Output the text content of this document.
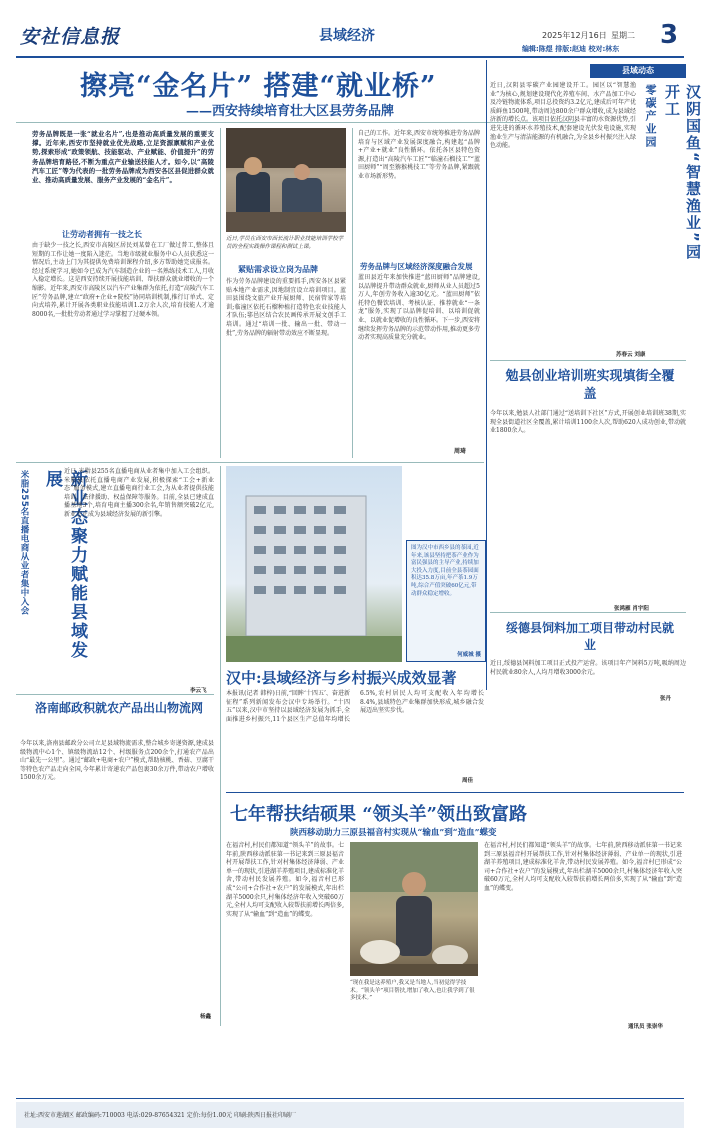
安社信息报	县域经济	2025年12月16日 星期二 3
编辑:陈煜 排版:赵迪 校对:林东
擦亮“金名片” 搭建“就业桥”
——西安持续培育壮大区县劳务品牌
劳务品牌既是一张“就业名片”,也是推动高质量发展的重要支撑。近年来,西安市坚持就业优先战略,立足资源禀赋和产业优势,探索形成“政策领航、技能驱动、产业赋能、价值提升”的劳务品牌培育路径,不断为重点产业输送技能人才。如今,以“高陵汽车工匠”等为代表的一批劳务品牌成为西安各区县促进群众就业、推动高质量发展、服务产业发展的“金名片”。
让劳动者拥有一技之长
由于缺少一技之长,西安市高陵区居民刘某曾在工厂做过普工,整体且短期的工作让她一度陷入迷茫。当地市级就业服务中心人员获悉这一情况后,主动上门为其提供免费培训课程介绍,多方帮助她完成报名。经过系统学习,她如今已成为汽车制造企业的一名熟练技术工人,月收入稳定增长。这是西安持续开展技能培训、帮扶群众就业增收的一个缩影。近年来,西安市高陵区以汽车产业集群为依托,打造“高陵汽车工匠”劳务品牌,建立“政府+企业+院校”协同培训机制,推行订单式、定向式培养,累计开展各类职业技能培训1.2万余人次,培育技能人才逾8000名,一批批劳动者通过学习掌握了过硬本领。
近日,学员在西安市西长流计职业技能培训学校学 员的全程实践操作课程和测试上课。
紧贴需求设立岗为品牌
作为劳务品牌建设的重要抓手,西安各区县紧贴本地产业需求,因地制宜设立培训项目。蓝田县围绕文旅产业开展厨师、民宿管家等培训;临潼区依托石榴种植打造特色农业技能人才队伍;鄠邑区结合农民画传承开展文创手工培训。通过“培训一批、输出一批、带动一批”,劳务品牌的辐射带动效应不断显现。
自己的工作。近年来,西安市统筹推进劳务品牌培育与区域产业发展深度融合,构建起“品牌+产业+就业”良性循环。依托各区县特色资源,打造出“高陵汽车工匠”“临潼石榴技工”“蓝田厨师”“周至猕猴桃技工”等劳务品牌,紧跟就业市场新形势。
劳务品牌与区域经济深度融合发展
蓝田县近年来加快推进“蓝田厨师”品牌建设,以品牌提升带动群众就业,厨师从业人员超过5万人,年创劳务收入逾30亿元。“蓝田厨师”依托特色餐饮培训、考核认证、推荐就业“一条龙”服务,实现了以品牌促培训、以培训促就业、以就业促增收的良性循环。下一步,西安将继续发挥劳务品牌的示范带动作用,推动更多劳动者实现高质量充分就业。
周琦
县域动态
汉阴国鱼“智慧渔业”园开工
零碳产业园
近日,汉阴县零碳产业园建设开工。园区以“智慧渔业”为核心,规划建设现代化养殖车间、水产品加工中心及冷链物流体系,项目总投资约3.2亿元,建成后可年产优质鲜鱼1500吨,带动周边800余户群众增收,成为县域经济新的增长点。该项目依托汉阴县丰富的水资源优势,引进先进的循环水养殖技术,配套建设光伏发电设施,实现渔业生产与清洁能源的有机融合,为全县乡村振兴注入绿色动能。
苏春云 刘康
勉县创业培训班实现填街全覆盖
今年以来,勉县人社部门通过“送培训下社区”方式,开展创业培训班38期,实现全县街道社区全覆盖,累计培训1100余人次,帮助620人成功创业,带动就业1800余人。
张鸿雁 肖宇阳
绥德县饲料加工项目带动村民就业
近日,绥德县饲料加工项目正式投产运营。该项目年产饲料5万吨,吸纳周边村民就业80余人,人均月增收3000余元。
张丹
新业态聚力赋能县域发展
米脂255名直播电商从业者集中入会	近日,米脂县255名直播电商从业者集中加入工会组织。米脂县依托直播电商产业发展,积极探索“工会+新业态”服务模式,建立直播电商行业工会,为从业者提供技能培训、法律援助、权益保障等服务。目前,全县已建成直播基地3个,培育电商主播300余名,年销售额突破2亿元,新业态正成为县域经济发展的新引擎。
李云飞
洛南邮政积就农产品出山物流网
今年以来,洛南县邮政分公司立足县域物流需求,整合城乡寄递资源,建成县级物流中心1个、镇级物流站12个、村级服务点200余个,打通农产品出山“最先一公里”。通过“邮政+电商+农户”模式,帮助核桃、香菇、豆腐干等特色农产品走向全国,今年累计寄递农产品包裹30余万件,带动农户增收1500余万元。
杨鑫
图为汉中市西乡县的茶园,近年来,该县坚持把茶产业作为富民强县的主导产业,持续加大投入力度,目前全县茶园面积达35.8万亩,年产茶1.9万吨,综合产值突破60亿元,带动群众稳定增收。
何威城 摄
汉中:县域经济与乡村振兴成效显著
本报讯(记者 韩梓)日前,“回眸‘十四五’、奋进新征程”系列新闻发布会汉中专场举行。“十四五”以来,汉中市坚持以县域经济发展为抓手,全面推进乡村振兴,11个县区生产总值年均增长6.5%,农村居民人均可支配收入年均增长8.4%,县域特色产业集群加快形成,城乡融合发展迈出坚实步伐。
周佳
七年帮扶结硕果 “领头羊”领出致富路
陕西移动助力三原县福音村实现从“输血”到“造血”蝶变
在福音村,村民们都知道“领头羊”的故事。七年前,陕西移动派驻第一书记来到三原县福音村开展帮扶工作,针对村集体经济薄弱、产业单一的现状,引进湖羊养殖项目,建成标准化羊舍,带动村民发展养殖。如今,福音村已形成“公司+合作社+农户”的发展模式,年出栏湖羊5000余只,村集体经济年收入突破60万元,全村人均可支配收入较帮扶前增长两倍多,实现了从“输血”到“造血”的蝶变。
“现在我是这养殖户,我又是当地人,当初觉得学技术。“领头羊”项目帮扶,增加了收入,也让我学到了很多技术。”
在福音村,村民们都知道“领头羊”的故事。七年前,陕西移动派驻第一书记来到三原县福音村开展帮扶工作,针对村集体经济薄弱、产业单一的现状,引进湖羊养殖项目,建成标准化羊舍,带动村民发展养殖。如今,福音村已形成“公司+合作社+农户”的发展模式,年出栏湖羊5000余只,村集体经济年收入突破60万元,全村人均可支配收入较帮扶前增长两倍多,实现了从“输血”到“造血”的蝶变。
通讯员 张崇华
社址:西安市莲湖区 邮政编码:710003 电话:029-87654321 定价:每份1.00元 印刷:陕西日报社印刷厂
